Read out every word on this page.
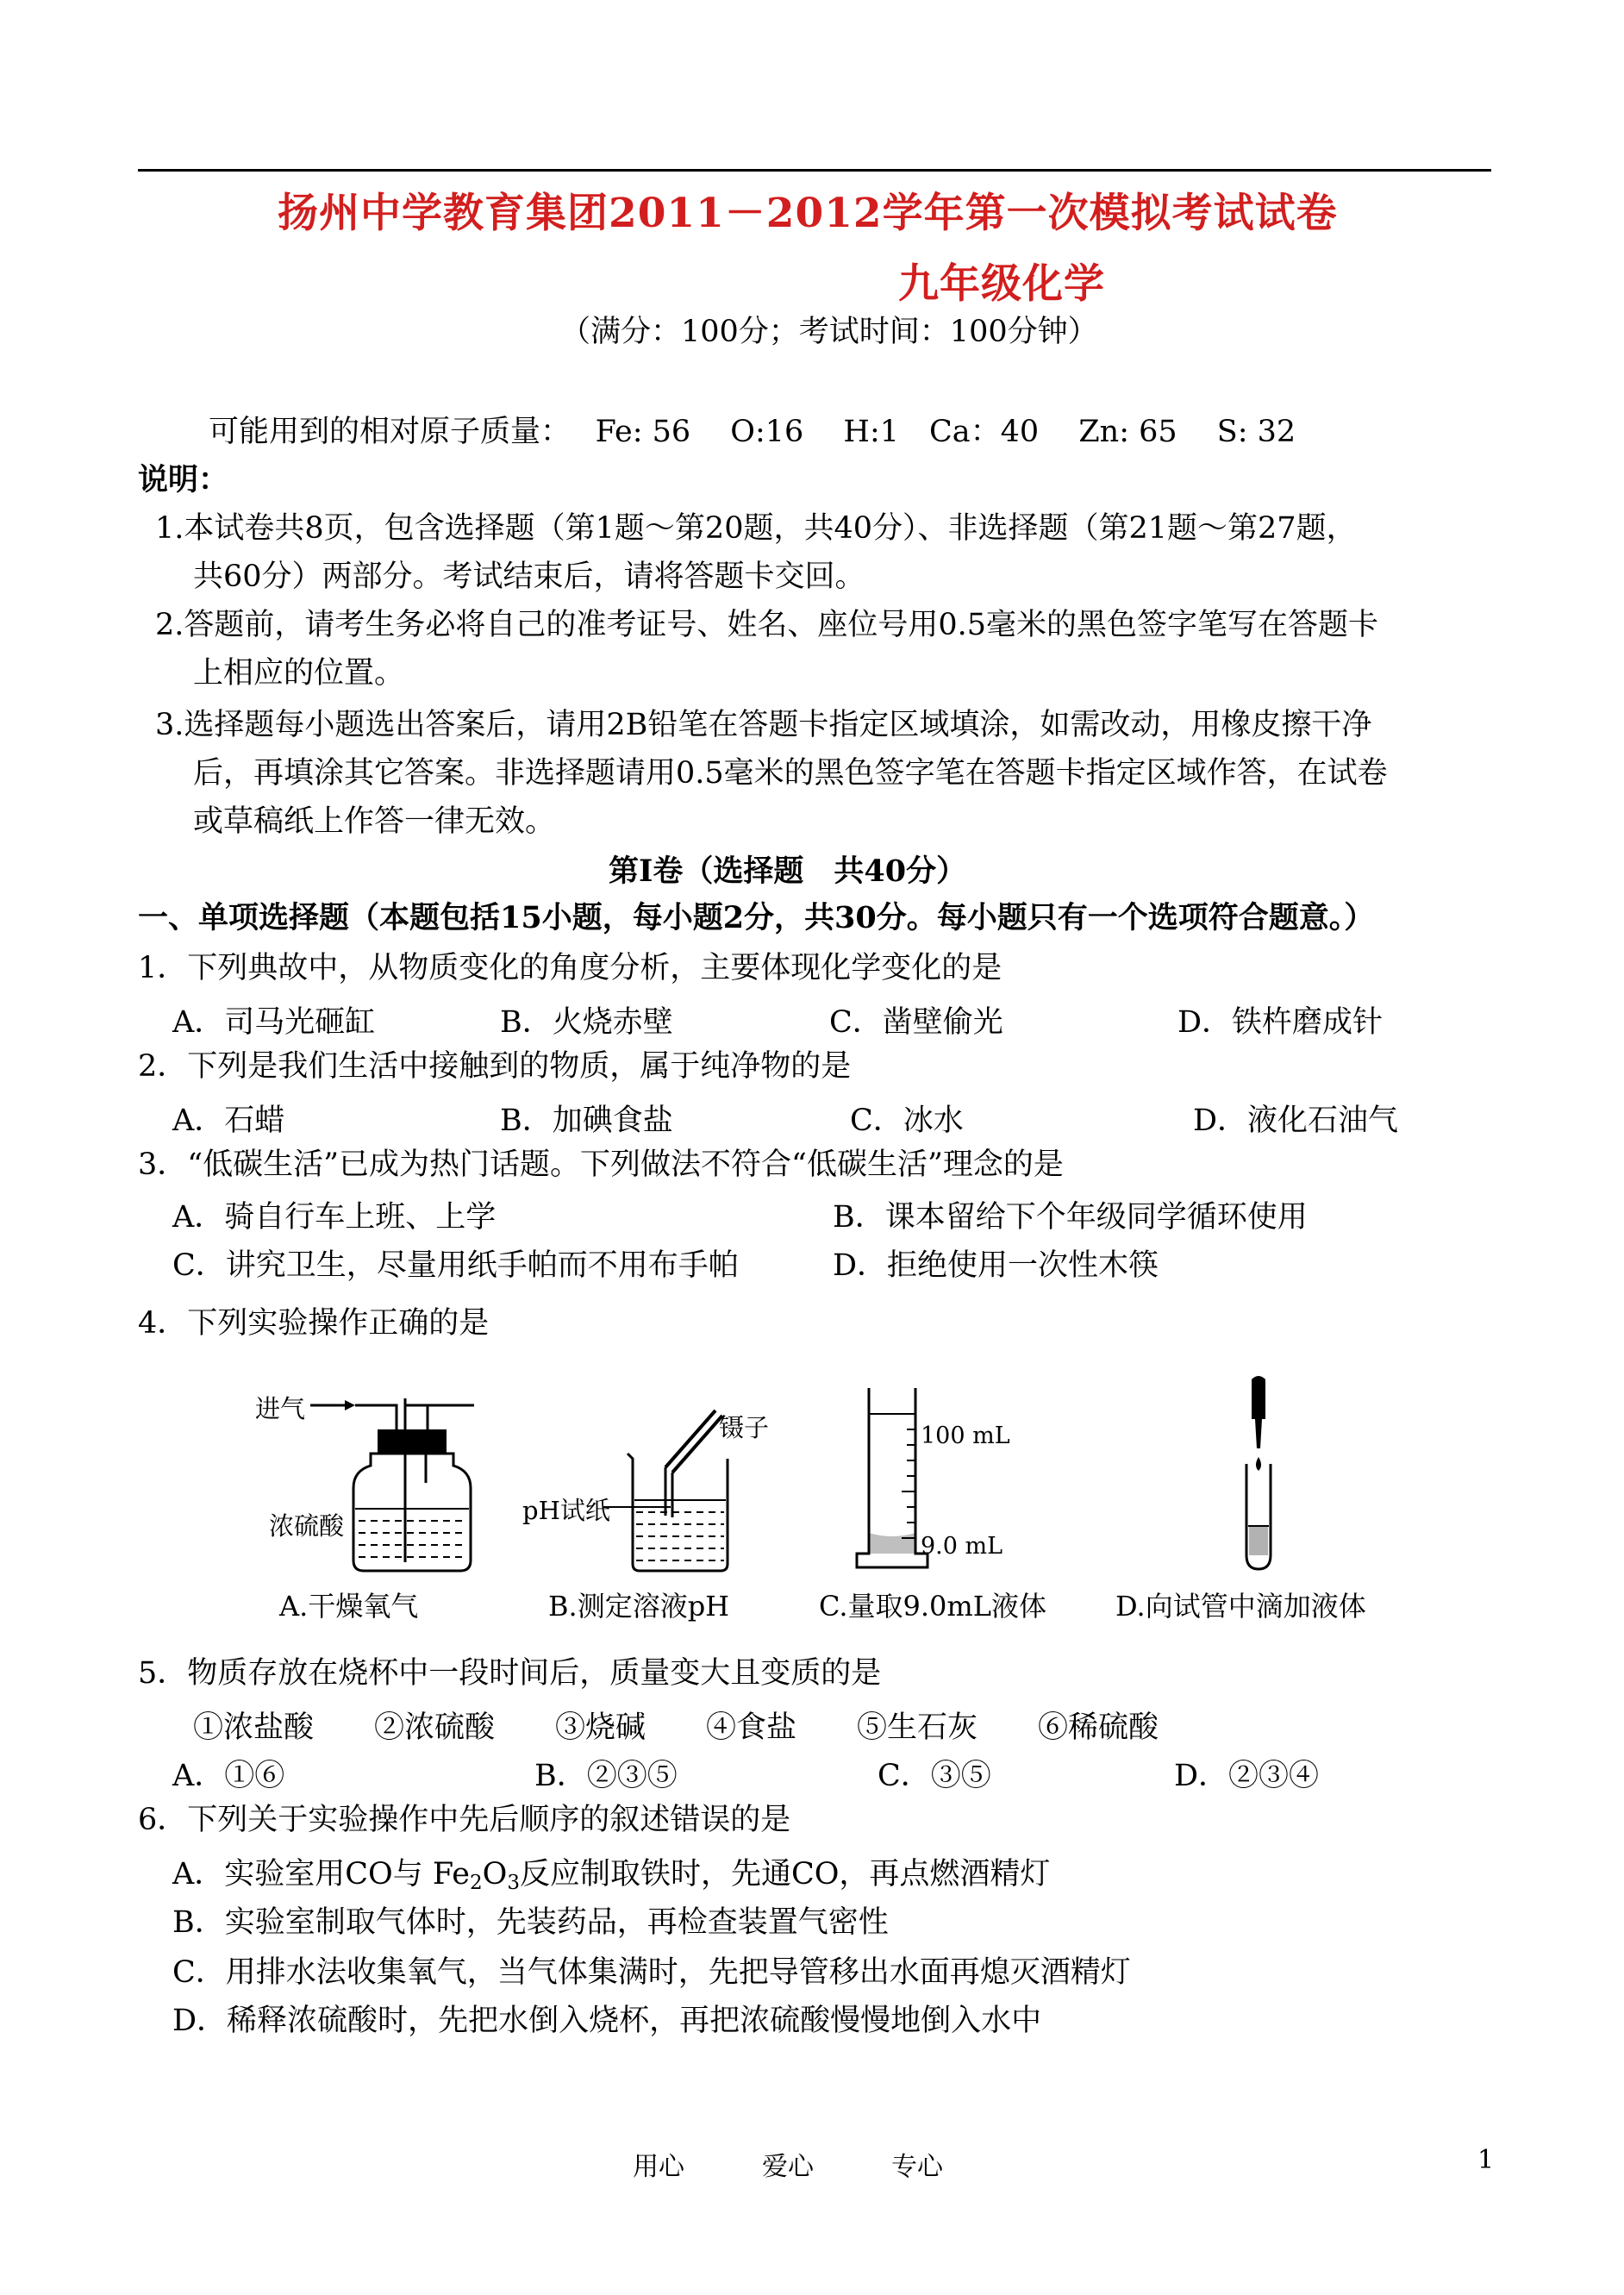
扬州中学教育集团2011－2012学年第一次模拟考试试卷
九年级化学
（满分：100分；考试时间：100分钟）
可能用到的相对原子质量：　 Fe: 56　 O:16　 H:1　Ca：40　 Zn: 65　 S: 32
说明：
1.本试卷共8页，包含选择题（第1题～第20题，共40分）、非选择题（第21题～第27题，
共60分）两部分。考试结束后，请将答题卡交回。
2.答题前，请考生务必将自己的准考证号、姓名、座位号用0.5毫米的黑色签字笔写在答题卡
上相应的位置。
3.选择题每小题选出答案后，请用2B铅笔在答题卡指定区域填涂，如需改动，用橡皮擦干净
后，再填涂其它答案。非选择题请用0.5毫米的黑色签字笔在答题卡指定区域作答，在试卷
或草稿纸上作答一律无效。
第Ⅰ卷（选择题　共40分）
一、单项选择题（本题包括15小题，每小题2分，共30分。每小题只有一个选项符合题意。）
1．下列典故中，从物质变化的角度分析，主要体现化学变化的是
A．司马光砸缸	B．火烧赤壁	C．凿壁偷光	D．铁杵磨成针
2．下列是我们生活中接触到的物质，属于纯净物的是
A．石蜡	B．加碘食盐	C．冰水	D．液化石油气
3．“低碳生活”已成为热门话题。下列做法不符合“低碳生活”理念的是
A．骑自行车上班、上学	B．课本留给下个年级同学循环使用
C．讲究卫生，尽量用纸手帕而不用布手帕	D．拒绝使用一次性木筷
4．下列实验操作正确的是
进气
浓硫酸
A.干燥氧气
镊子
pH试纸
B.测定溶液pH
100 mL
9.0 mL
C.量取9.0mL液体 D.向试管中滴加液体
5．物质存放在烧杯中一段时间后，质量变大且变质的是
①浓盐酸　　②浓硫酸　　③烧碱　　④食盐　　⑤生石灰　　⑥稀硫酸
A．①⑥	B．②③⑤	C．③⑤	D．②③④
6．下列关于实验操作中先后顺序的叙述错误的是
A．实验室用CO与 $Fe_2O_3$反应制取铁时，先通CO，再点燃酒精灯
B．实验室制取气体时，先装药品，再检查装置气密性
C．用排水法收集氧气，当气体集满时，先把导管移出水面再熄灭酒精灯
D．稀释浓硫酸时，先把水倒入烧杯，再把浓硫酸慢慢地倒入水中
用心	爱心	专心	1
